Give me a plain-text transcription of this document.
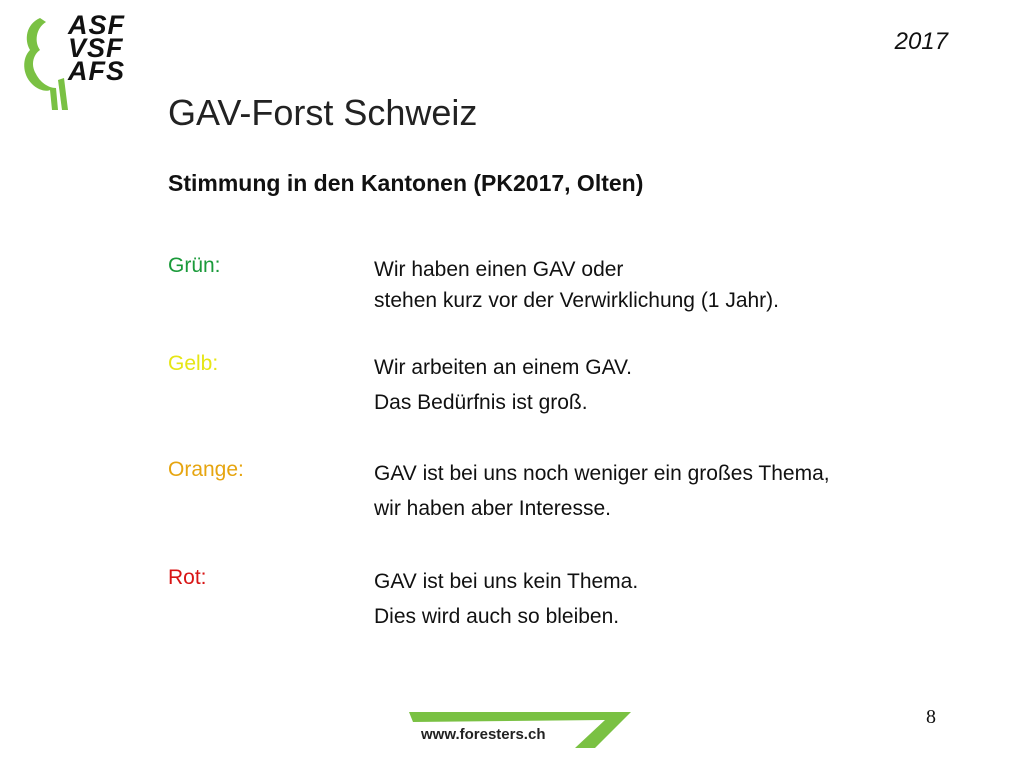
ASF
VSF
AFS
2017
GAV-Forst Schweiz
Stimmung in den Kantonen (PK2017, Olten)
Grün:	Wir haben einen GAV oder
stehen kurz vor der Verwirklichung (1 Jahr).
Gelb:	Wir arbeiten an einem GAV.
Das Bedürfnis ist groß.
Orange:	GAV ist bei uns noch weniger ein großes Thema,
wir haben aber Interesse.
Rot:	GAV ist bei uns kein Thema.
Dies wird auch so bleiben.
8
www.foresters.ch
